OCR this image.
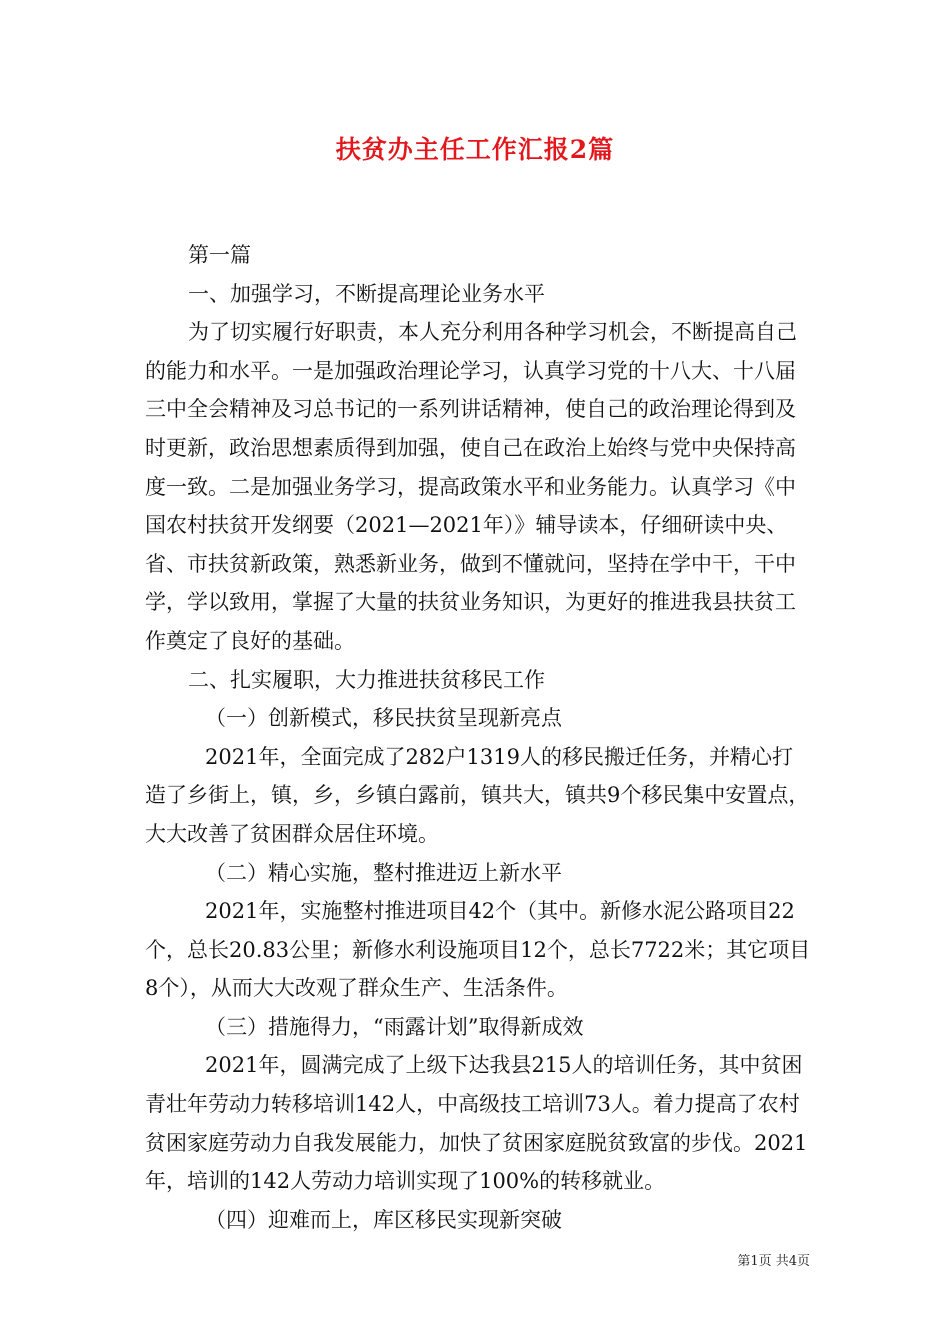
扶贫办主任工作汇报2篇

第一篇

一、加强学习，不断提高理论业务水平

为了切实履行好职责，本人充分利用各种学习机会，不断提高自己的能力和水平。一是加强政治理论学习，认真学习党的十八大、十八届三中全会精神及习总书记的一系列讲话精神，使自己的政治理论得到及时更新，政治思想素质得到加强，使自己在政治上始终与党中央保持高度一致。二是加强业务学习，提高政策水平和业务能力。认真学习《中国农村扶贫开发纲要（2021—2021年）》辅导读本，仔细研读中央、省、市扶贫新政策，熟悉新业务，做到不懂就问，坚持在学中干，干中学，学以致用，掌握了大量的扶贫业务知识，为更好的推进我县扶贫工作奠定了良好的基础。

二、扎实履职，大力推进扶贫移民工作

（一）创新模式，移民扶贫呈现新亮点

2021年，全面完成了282户1319人的移民搬迁任务，并精心打造了乡街上，镇，乡，乡镇白露前，镇共大，镇共9个移民集中安置点，大大改善了贫困群众居住环境。

（二）精心实施，整村推进迈上新水平

2021年，实施整村推进项目42个（其中。新修水泥公路项目22个，总长20.83公里；新修水利设施项目12个，总长7722米；其它项目8个），从而大大改观了群众生产、生活条件。

（三）措施得力，“雨露计划”取得新成效

2021年，圆满完成了上级下达我县215人的培训任务，其中贫困青壮年劳动力转移培训142人，中高级技工培训73人。着力提高了农村贫困家庭劳动力自我发展能力，加快了贫困家庭脱贫致富的步伐。2021年，培训的142人劳动力培训实现了100%的转移就业。

（四）迎难而上，库区移民实现新突破

第1页 共4页
